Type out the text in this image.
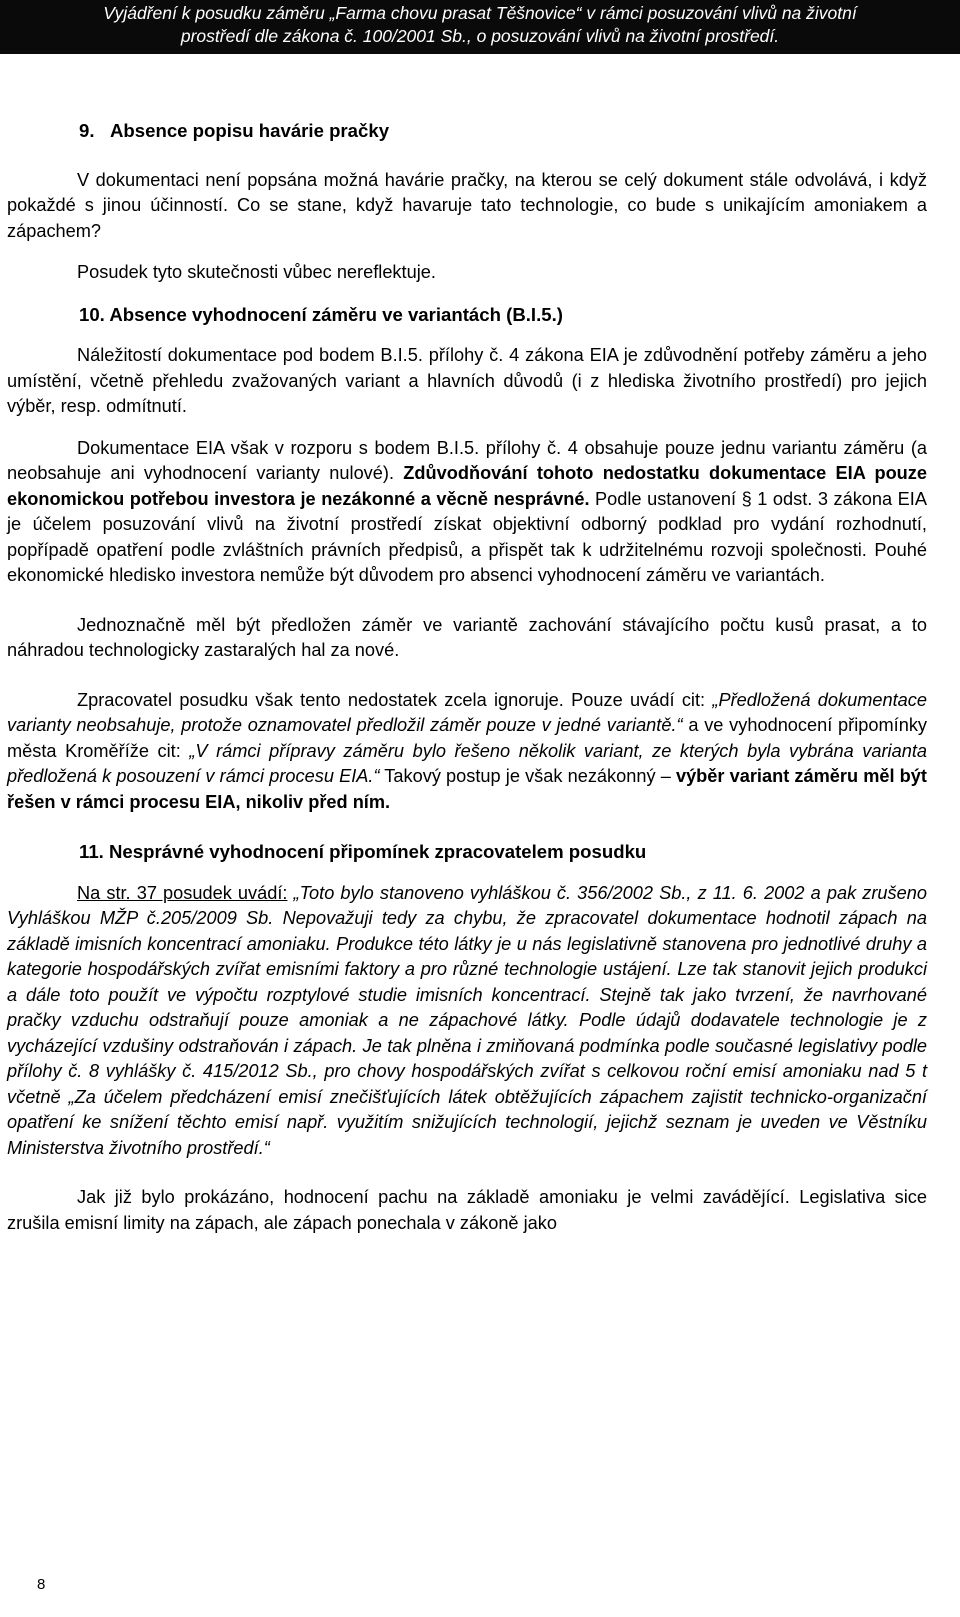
Vyjádření k posudku záměru „Farma chovu prasat Těšnovice“ v rámci posuzování vlivů na životní
prostředí dle zákona č. 100/2001 Sb., o posuzování vlivů na životní prostředí.

9.   Absence popisu havárie pračky

V dokumentaci není popsána možná havárie pračky, na kterou se celý dokument stále odvolává, i když pokaždé s jinou účinností. Co se stane, když havaruje tato technologie, co bude s unikajícím amoniakem a zápachem?

Posudek tyto skutečnosti vůbec nereflektuje.

10. Absence vyhodnocení záměru ve variantách (B.I.5.)

Náležitostí dokumentace pod bodem B.I.5. přílohy č. 4 zákona EIA je zdůvodnění potřeby záměru a jeho umístění, včetně přehledu zvažovaných variant a hlavních důvodů (i z hlediska životního prostředí) pro jejich výběr, resp. odmítnutí.

Dokumentace EIA však v rozporu s bodem B.I.5. přílohy č. 4 obsahuje pouze jednu variantu záměru (a neobsahuje ani vyhodnocení varianty nulové). Zdůvodňování tohoto nedostatku dokumentace EIA pouze ekonomickou potřebou investora je nezákonné a věcně nesprávné. Podle ustanovení § 1 odst. 3 zákona EIA je účelem posuzování vlivů na životní prostředí získat objektivní odborný podklad pro vydání rozhodnutí, popřípadě opatření podle zvláštních právních předpisů, a přispět tak k udržitelnému rozvoji společnosti. Pouhé ekonomické hledisko investora nemůže být důvodem pro absenci vyhodnocení záměru ve variantách.

Jednoznačně měl být předložen záměr ve variantě zachování stávajícího počtu kusů prasat, a to náhradou technologicky zastaralých hal za nové.

Zpracovatel posudku však tento nedostatek zcela ignoruje. Pouze uvádí cit: „Předložená dokumentace varianty neobsahuje, protože oznamovatel předložil záměr pouze v jedné variantě.“ a ve vyhodnocení připomínky města Kroměříže cit: „V rámci přípravy záměru bylo řešeno několik variant, ze kterých byla vybrána varianta předložená k posouzení v rámci procesu EIA.“ Takový postup je však nezákonný – výběr variant záměru měl být řešen v rámci procesu EIA, nikoliv před ním.

11. Nesprávné vyhodnocení připomínek zpracovatelem posudku

Na str. 37 posudek uvádí: „Toto bylo stanoveno vyhláškou č. 356/2002 Sb., z 11. 6. 2002 a pak zrušeno Vyhláškou MŽP č.205/2009 Sb. Nepovažuji tedy za chybu, že zpracovatel dokumentace hodnotil zápach na základě imisních koncentrací amoniaku. Produkce této látky je u nás legislativně stanovena pro jednotlivé druhy a kategorie hospodářských zvířat emisními faktory a pro různé technologie ustájení. Lze tak stanovit jejich produkci a dále toto použít ve výpočtu rozptylové studie imisních koncentrací. Stejně tak jako tvrzení, že navrhované pračky vzduchu odstraňují pouze amoniak a ne zápachové látky. Podle údajů dodavatele technologie je z vycházející vzdušiny odstraňován i zápach. Je tak plněna i zmiňovaná podmínka podle současné legislativy podle přílohy č. 8 vyhlášky č. 415/2012 Sb., pro chovy hospodářských zvířat s celkovou roční emisí amoniaku nad 5 t včetně „Za účelem předcházení emisí znečišťujících látek obtěžujících zápachem zajistit technicko-organizační opatření ke snížení těchto emisí např. využitím snižujících technologií, jejichž seznam je uveden ve Věstníku Ministerstva životního prostředí.“

Jak již bylo prokázáno, hodnocení pachu na základě amoniaku je velmi zavádějící. Legislativa sice zrušila emisní limity na zápach, ale zápach ponechala v zákoně jako

8
